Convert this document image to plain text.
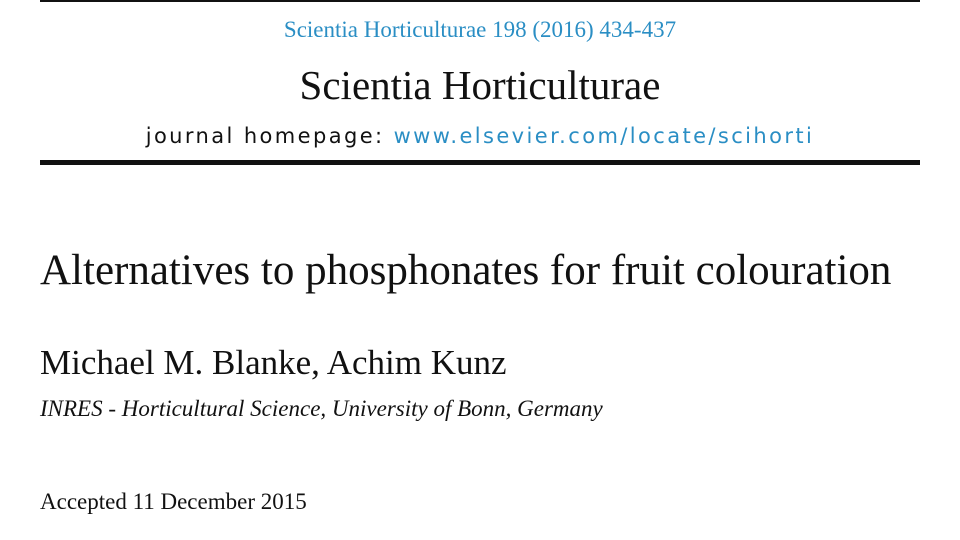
Scientia Horticulturae 198 (2016) 434-437
Scientia Horticulturae
journal homepage: www.elsevier.com/locate/scihorti
Alternatives to phosphonates for fruit colouration
Michael M. Blanke, Achim Kunz
INRES - Horticultural Science, University of Bonn, Germany
Accepted 11 December 2015
